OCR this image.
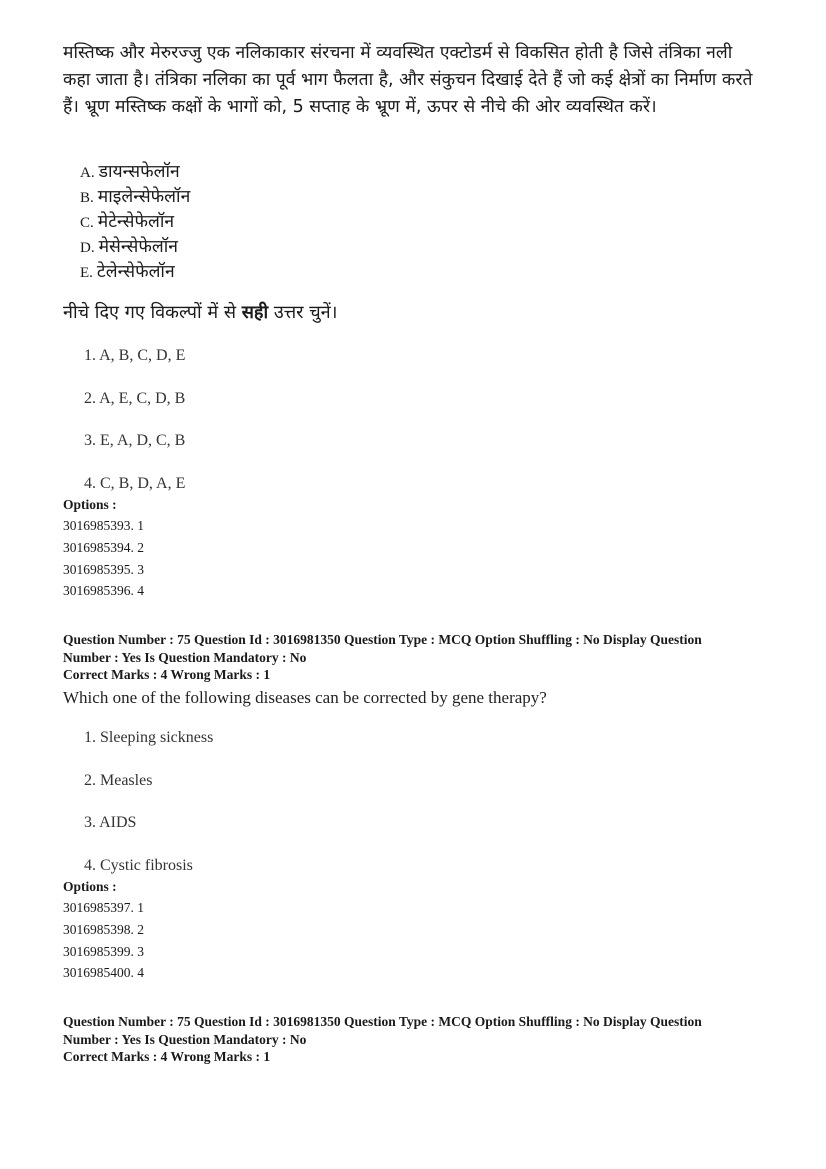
मस्तिष्क और मेरुरज्जु एक नलिकाकार संरचना में व्यवस्थित एक्टोडर्म से विकसित होती है जिसे तंत्रिका नली कहा जाता है। तंत्रिका नलिका का पूर्व भाग फैलता है, और संकुचन दिखाई देते हैं जो कई क्षेत्रों का निर्माण करते हैं। भ्रूण मस्तिष्क कक्षों के भागों को, 5 सप्ताह के भ्रूण में, ऊपर से नीचे की ओर व्यवस्थित करें।

A. डायन्सफेलॉन
B. माइलेन्सेफेलॉन
C. मेटेन्सेफेलॉन
D. मेसेन्सेफेलॉन
E. टेलेन्सेफेलॉन

नीचे दिए गए विकल्पों में से सही उत्तर चुनें।

1. A, B, C, D, E
2. A, E, C, D, B
3. E, A, D, C, B
4. C, B, D, A, E

Options :

3016985393. 1
3016985394. 2
3016985395. 3
3016985396. 4
Question Number : 75 Question Id : 3016981350 Question Type : MCQ Option Shuffling : No Display Question
Number : Yes Is Question Mandatory : No
Correct Marks : 4 Wrong Marks : 1

Which one of the following diseases can be corrected by gene therapy?

1. Sleeping sickness
2. Measles
3. AIDS
4. Cystic fibrosis

Options :

3016985397. 1
3016985398. 2
3016985399. 3
3016985400. 4
Question Number : 75 Question Id : 3016981350 Question Type : MCQ Option Shuffling : No Display Question
Number : Yes Is Question Mandatory : No
Correct Marks : 4 Wrong Marks : 1
